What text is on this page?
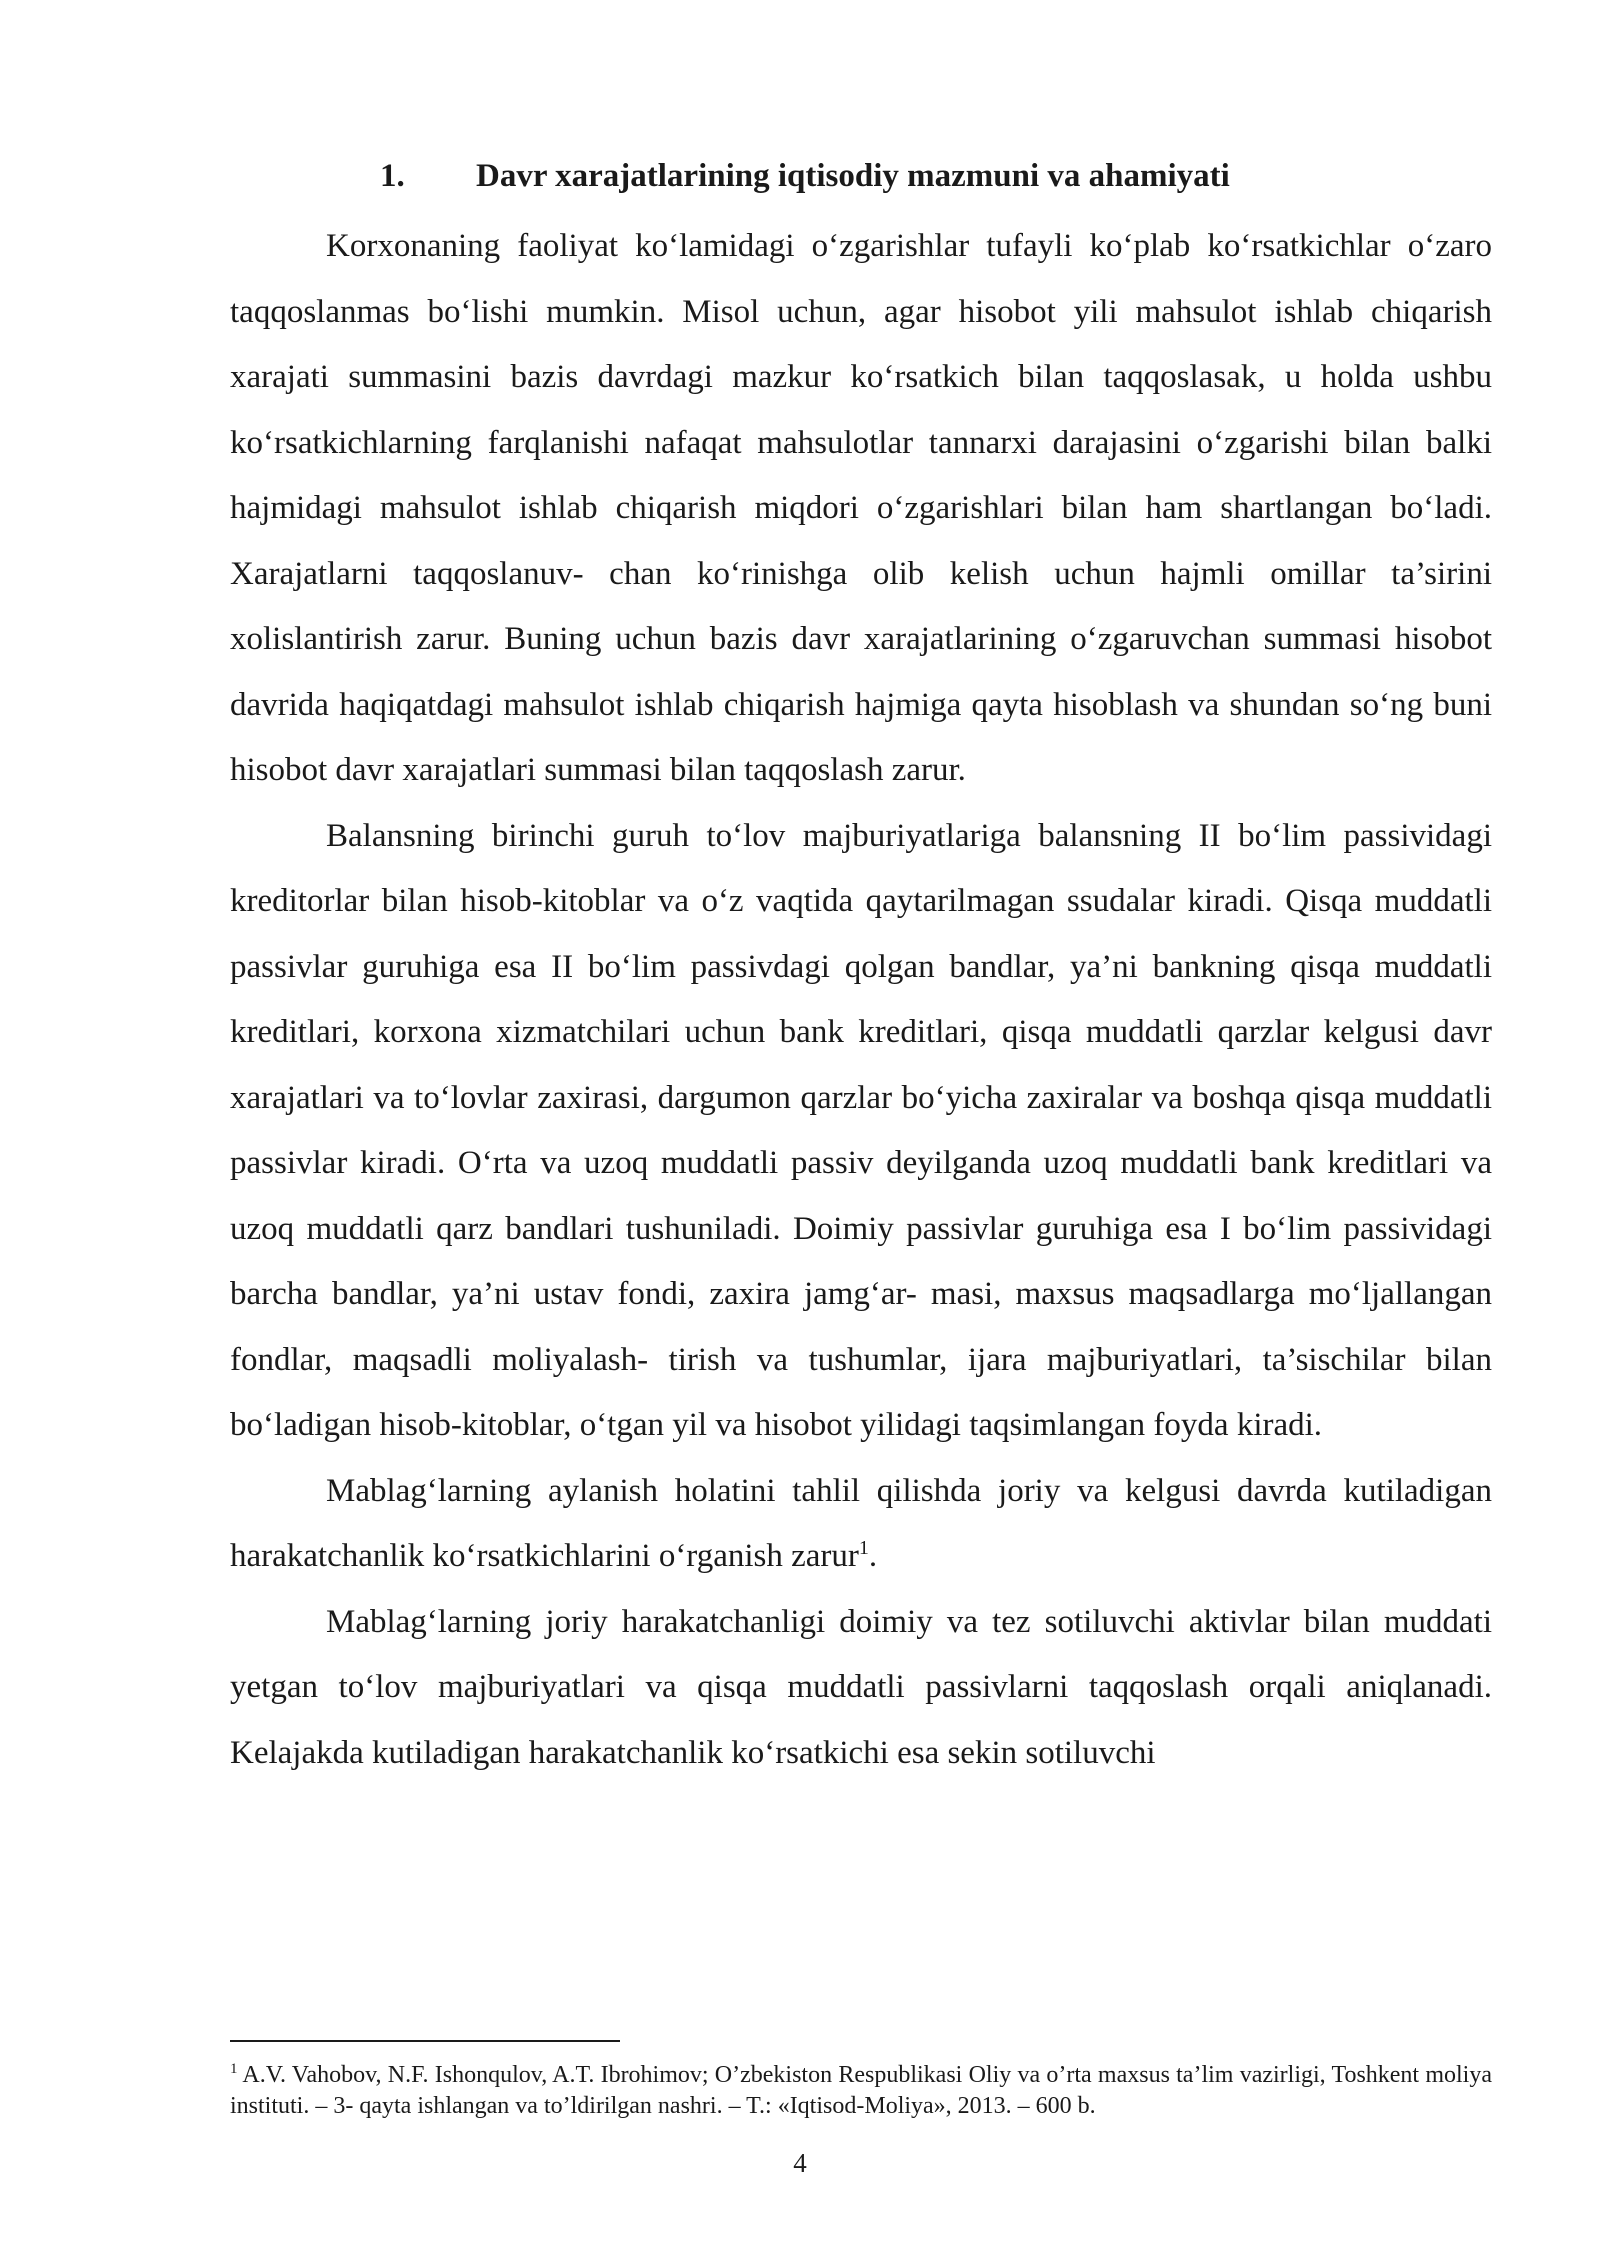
1. Davr xarajatlarining iqtisodiy mazmuni va ahamiyati

Korxonaning faoliyat ko‘lamidagi o‘zgarishlar tufayli ko‘plab ko‘rsatkichlar o‘zaro taqqoslanmas bo‘lishi mumkin. Misol uchun, agar hisobot yili mahsulot ishlab chiqarish xarajati summasini bazis davrdagi mazkur ko‘rsatkich bilan taqqoslasak, u holda ushbu ko‘rsatkichlarning farqlanishi nafaqat mahsulotlar tannarxi darajasini o‘zgarishi bilan balki hajmidagi mahsulot ishlab chiqarish miqdori o‘zgarishlari bilan ham shartlangan bo‘ladi. Xarajatlarni taqqoslanuv- chan ko‘rinishga olib kelish uchun hajmli omillar ta’sirini xolislantirish zarur. Buning uchun bazis davr xarajatlarining o‘zgaruvchan summasi hisobot davrida haqiqatdagi mahsulot ishlab chiqarish hajmiga qayta hisoblash va shundan so‘ng buni hisobot davr xarajatlari summasi bilan taqqoslash zarur.

Balansning birinchi guruh to‘lov majburiyatlariga balansning II bo‘lim passividagi kreditorlar bilan hisob-kitoblar va o‘z vaqtida qaytarilmagan ssudalar kiradi. Qisqa muddatli passivlar guruhiga esa II bo‘lim passivdagi qolgan bandlar, ya’ni bankning qisqa muddatli kreditlari, korxona xizmatchilari uchun bank kreditlari, qisqa muddatli qarzlar kelgusi davr xarajatlari va to‘lovlar zaxirasi, dargumon qarzlar bo‘yicha zaxiralar va boshqa qisqa muddatli passivlar kiradi. O‘rta va uzoq muddatli passiv deyilganda uzoq muddatli bank kreditlari va uzoq muddatli qarz bandlari tushuniladi. Doimiy passivlar guruhiga esa I bo‘lim passividagi barcha bandlar, ya’ni ustav fondi, zaxira jamg‘ar- masi, maxsus maqsadlarga mo‘ljallangan fondlar, maqsadli moliyalash- tirish va tushumlar, ijara majburiyatlari, ta’sischilar bilan bo‘ladigan hisob-kitoblar, o‘tgan yil va hisobot yilidagi taqsimlangan foyda kiradi.

Mablag‘larning aylanish holatini tahlil qilishda joriy va kelgusi davrda kutiladigan harakatchanlik ko‘rsatkichlarini o‘rganish zarur$^1$.

Mablag‘larning joriy harakatchanligi doimiy va tez sotiluvchi aktivlar bilan muddati yetgan to‘lov majburiyatlari va qisqa muddatli passivlarni taqqoslash orqali aniqlanadi. Kelajakda kutiladigan harakatchanlik ko‘rsatkichi esa sekin sotiluvchi

$^1$ A.V. Vahobov, N.F. Ishonqulov, A.T. Ibrohimov; O’zbekiston Respublikasi Oliy va o’rta maxsus ta’lim vazirligi, Toshkent moliya instituti. – 3- qayta ishlangan va to’ldirilgan nashri. – T.: «Iqtisod-Moliya», 2013. – 600 b.
4
